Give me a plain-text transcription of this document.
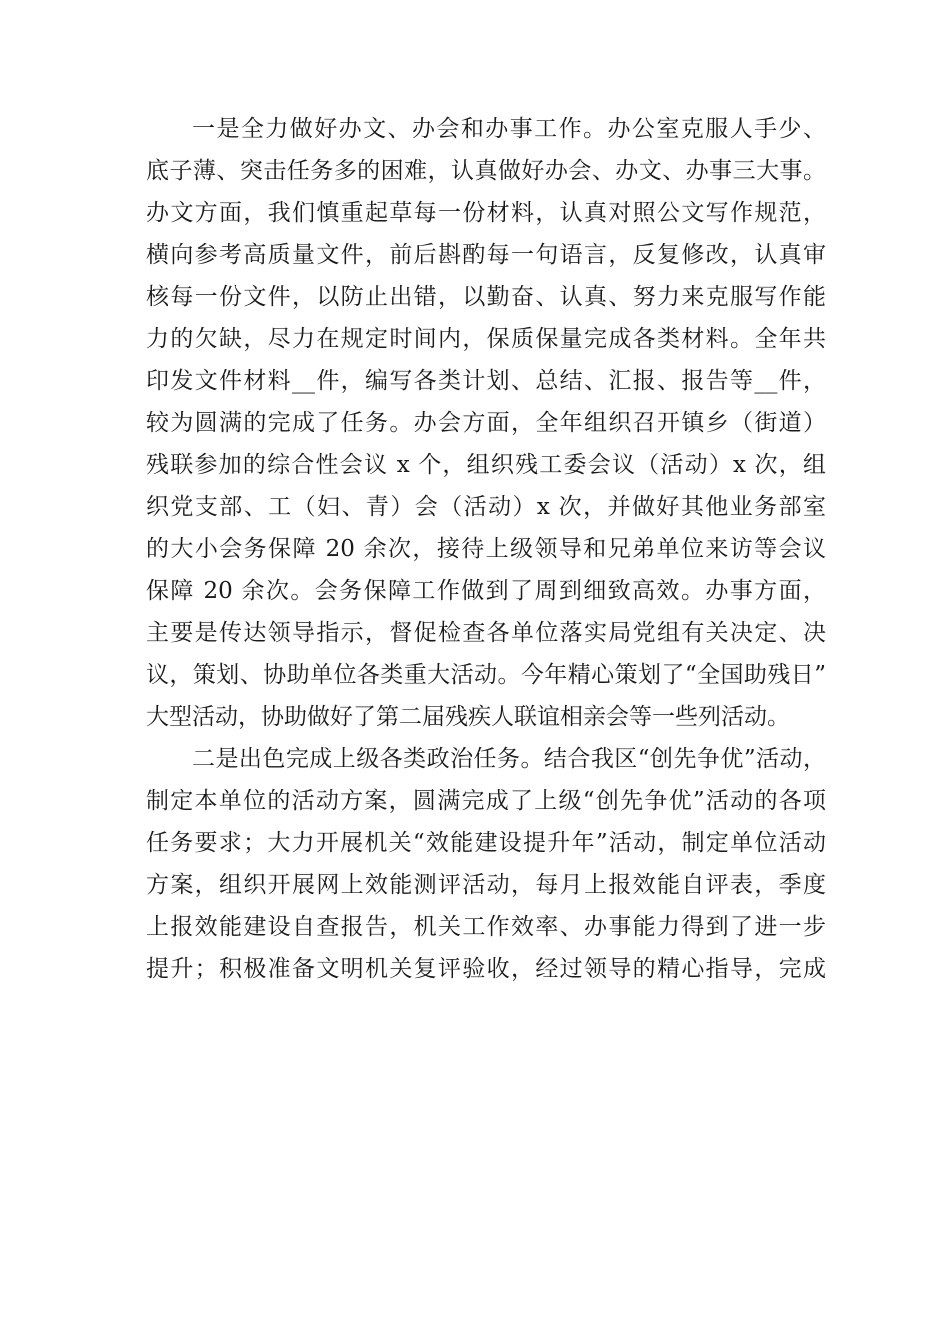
一是全力做好办文、办会和办事工作。办公室克服人手少、
底子薄、突击任务多的困难，认真做好办会、办文、办事三大事。
办文方面，我们慎重起草每一份材料，认真对照公文写作规范，
横向参考高质量文件，前后斟酌每一句语言，反复修改，认真审
核每一份文件，以防止出错，以勤奋、认真、努力来克服写作能
力的欠缺，尽力在规定时间内，保质保量完成各类材料。全年共
印发文件材料__件，编写各类计划、总结、汇报、报告等__件，
较为圆满的完成了任务。办会方面，全年组织召开镇乡（街道）
残联参加的综合性会议 x 个，组织残工委会议（活动）x 次，组
织党支部、工（妇、青）会（活动）x 次，并做好其他业务部室
的大小会务保障 20 余次，接待上级领导和兄弟单位来访等会议
保障 20 余次。会务保障工作做到了周到细致高效。办事方面，
主要是传达领导指示，督促检查各单位落实局党组有关决定、决
议，策划、协助单位各类重大活动。今年精心策划了“全国助残日”
大型活动，协助做好了第二届残疾人联谊相亲会等一些列活动。
二是出色完成上级各类政治任务。结合我区“创先争优”活动，
制定本单位的活动方案，圆满完成了上级“创先争优”活动的各项
任务要求；大力开展机关“效能建设提升年”活动，制定单位活动
方案，组织开展网上效能测评活动，每月上报效能自评表，季度
上报效能建设自查报告，机关工作效率、办事能力得到了进一步
提升；积极准备文明机关复评验收，经过领导的精心指导，完成
